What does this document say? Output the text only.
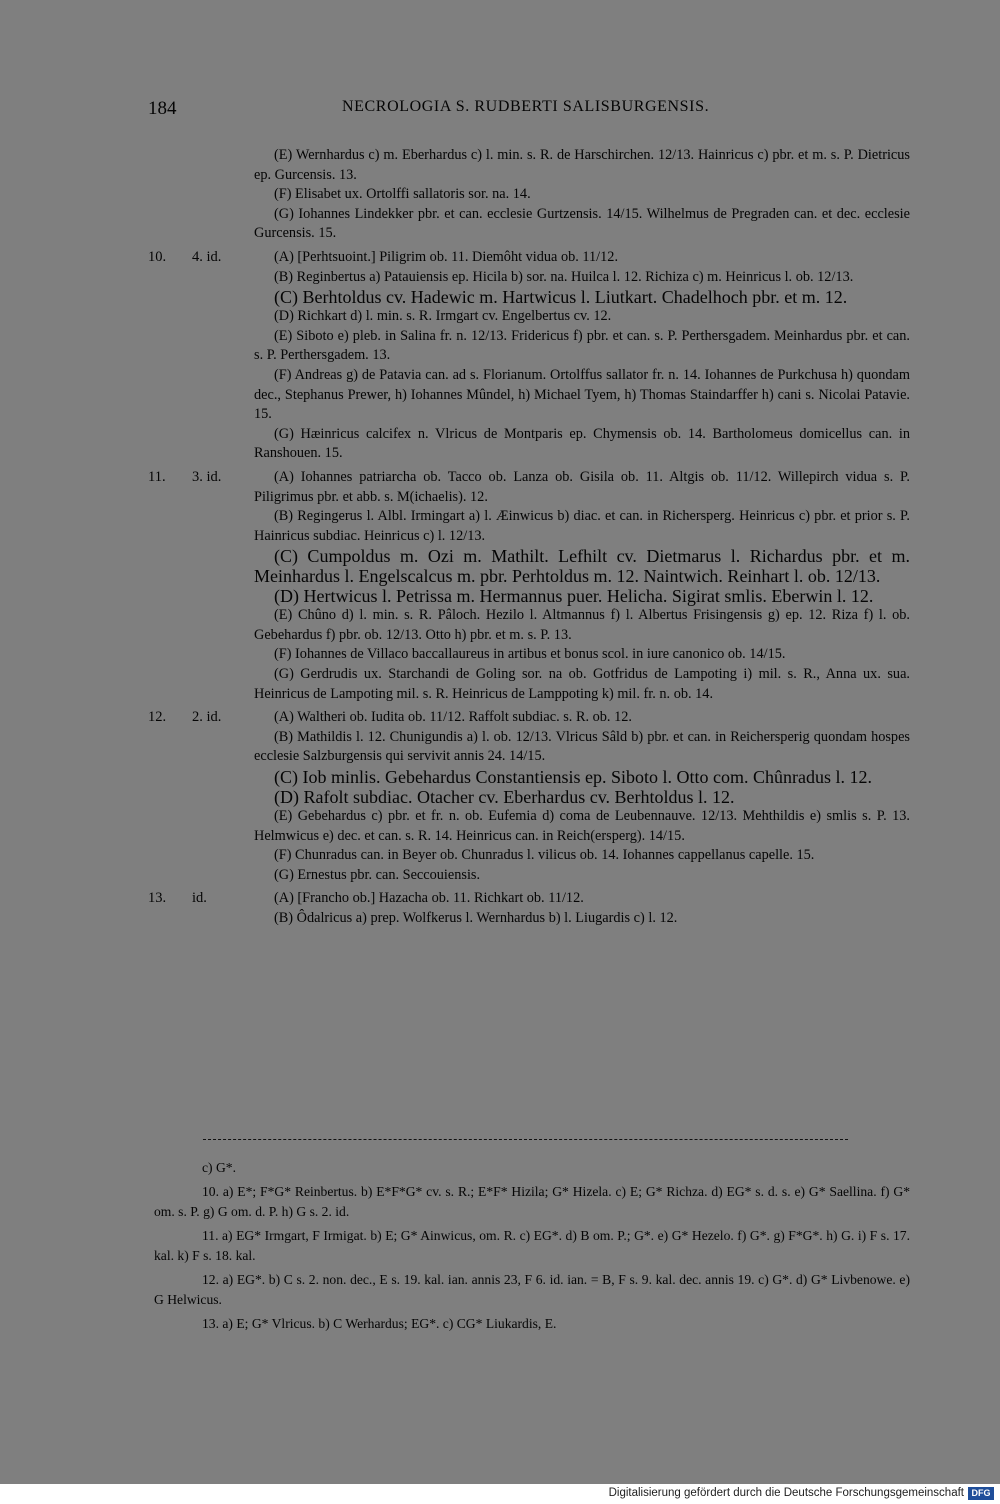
184	NECROLOGIA S. RUDBERTI SALISBURGENSIS.
(E) Wernhardus c) m. Eberhardus c) l. min. s. R. de Harschirchen. 12/13. Hainricus c) pbr. et m. s. P. Dietricus ep. Gurcensis. 13.
(F) Elisabet ux. Ortolffi sallatoris sor. na. 14.
(G) Iohannes Lindekker pbr. et can. ecclesie Gurtzensis. 14/15. Wilhelmus de Pregraden can. et dec. ecclesie Gurcensis. 15.
10. 4. id.	(A) [Perhtsuoint.] Piligrim ob. 11. Diemôht vidua ob. 11/12.
(B) Reginbertus a) Patauiensis ep. Hicila b) sor. na. Huilca l. 12. Richiza c) m. Heinricus l. ob. 12/13.
(C) Berhtoldus cv. Hadewic m. Hartwicus l. Liutkart. Chadelhoch pbr. et m. 12.
(D) Richkart d) l. min. s. R. Irmgart cv. Engelbertus cv. 12.
(E) Siboto e) pleb. in Salina fr. n. 12/13. Fridericus f) pbr. et can. s. P. Perthersgadem. Meinhardus pbr. et can. s. P. Perthersgadem. 13.
(F) Andreas g) de Patavia can. ad s. Florianum. Ortolffus sallator fr. n. 14. Iohannes de Purkchusa h) quondam dec., Stephanus Prewer, h) Iohannes Mûndel, h) Michael Tyem, h) Thomas Staindarffer h) cani s. Nicolai Patavie. 15.
(G) Hæinricus calcifex n. Vlricus de Montparis ep. Chymensis ob. 14. Bartholomeus domicellus can. in Ranshouen. 15.
11. 3. id.	(A) Iohannes patriarcha ob. Tacco ob. Lanza ob. Gisila ob. 11. Altgis ob. 11/12. Willepirch vidua s. P. Piligrimus pbr. et abb. s. M(ichaelis). 12.
(B) Regingerus l. Albl. Irmingart a) l. Æinwicus b) diac. et can. in Richersperg. Heinricus c) pbr. et prior s. P. Hainricus subdiac. Heinricus c) l. 12/13.
(C) Cumpoldus m. Ozi m. Mathilt. Lefhilt cv. Dietmarus l. Richardus pbr. et m. Meinhardus l. Engelscalcus m. pbr. Perhtoldus m. 12. Naintwich. Reinhart l. ob. 12/13.
(D) Hertwicus l. Petrissa m. Hermannus puer. Helicha. Sigirat smlis. Eberwin l. 12.
(E) Chûno d) l. min. s. R. Pâloch. Hezilo l. Altmannus f) l. Albertus Frisingensis g) ep. 12. Riza f) l. ob. Gebehardus f) pbr. ob. 12/13. Otto h) pbr. et m. s. P. 13.
(F) Iohannes de Villaco baccallaureus in artibus et bonus scol. in iure canonico ob. 14/15.
(G) Gerdrudis ux. Starchandi de Goling sor. na ob. Gotfridus de Lampoting i) mil. s. R., Anna ux. sua. Heinricus de Lampoting mil. s. R. Heinricus de Lamppoting k) mil. fr. n. ob. 14.
12. 2. id.	(A) Waltheri ob. Iudita ob. 11/12. Raffolt subdiac. s. R. ob. 12.
(B) Mathildis l. 12. Chunigundis a) l. ob. 12/13. Vlricus Sâld b) pbr. et can. in Reichersperig quondam hospes ecclesie Salzburgensis qui servivit annis 24. 14/15.
(C) Iob minlis. Gebehardus Constantiensis ep. Siboto l. Otto com. Chûnradus l. 12.
(D) Rafolt subdiac. Otacher cv. Eberhardus cv. Berhtoldus l. 12.
(E) Gebehardus c) pbr. et fr. n. ob. Eufemia d) coma de Leubennauve. 12/13. Mehthildis e) smlis s. P. 13. Helmwicus e) dec. et can. s. R. 14. Heinricus can. in Reich(ersperg). 14/15.
(F) Chunradus can. in Beyer ob. Chunradus l. vilicus ob. 14. Iohannes cappellanus capelle. 15.
(G) Ernestus pbr. can. Seccouiensis.
13. id.	(A) [Francho ob.] Hazacha ob. 11. Richkart ob. 11/12.
(B) Ôdalricus a) prep. Wolfkerus l. Wernhardus b) l. Liugardis c) l. 12.

c) G*.

10. a) E*; F*G* Reinbertus. b) E*F*G* cv. s. R.; E*F* Hizila; G* Hizela. c) E; G* Richza. d) EG* s. d. s. e) G* Saellina. f) G* om. s. P. g) G om. d. P. h) G s. 2. id.

11. a) EG* Irmgart, F Irmigat. b) E; G* Ainwicus, om. R. c) EG*. d) B om. P.; G*. e) G* Hezelo. f) G*. g) F*G*. h) G. i) F s. 17. kal. k) F s. 18. kal.

12. a) EG*. b) C s. 2. non. dec., E s. 19. kal. ian. annis 23, F 6. id. ian. = B, F s. 9. kal. dec. annis 19. c) G*. d) G* Livbenowe. e) G Helwicus.

13. a) E; G* Vlricus. b) C Werhardus; EG*. c) CG* Liukardis, E.

Digitalisierung gefördert durch die Deutsche Forschungsgemeinschaft DFG
